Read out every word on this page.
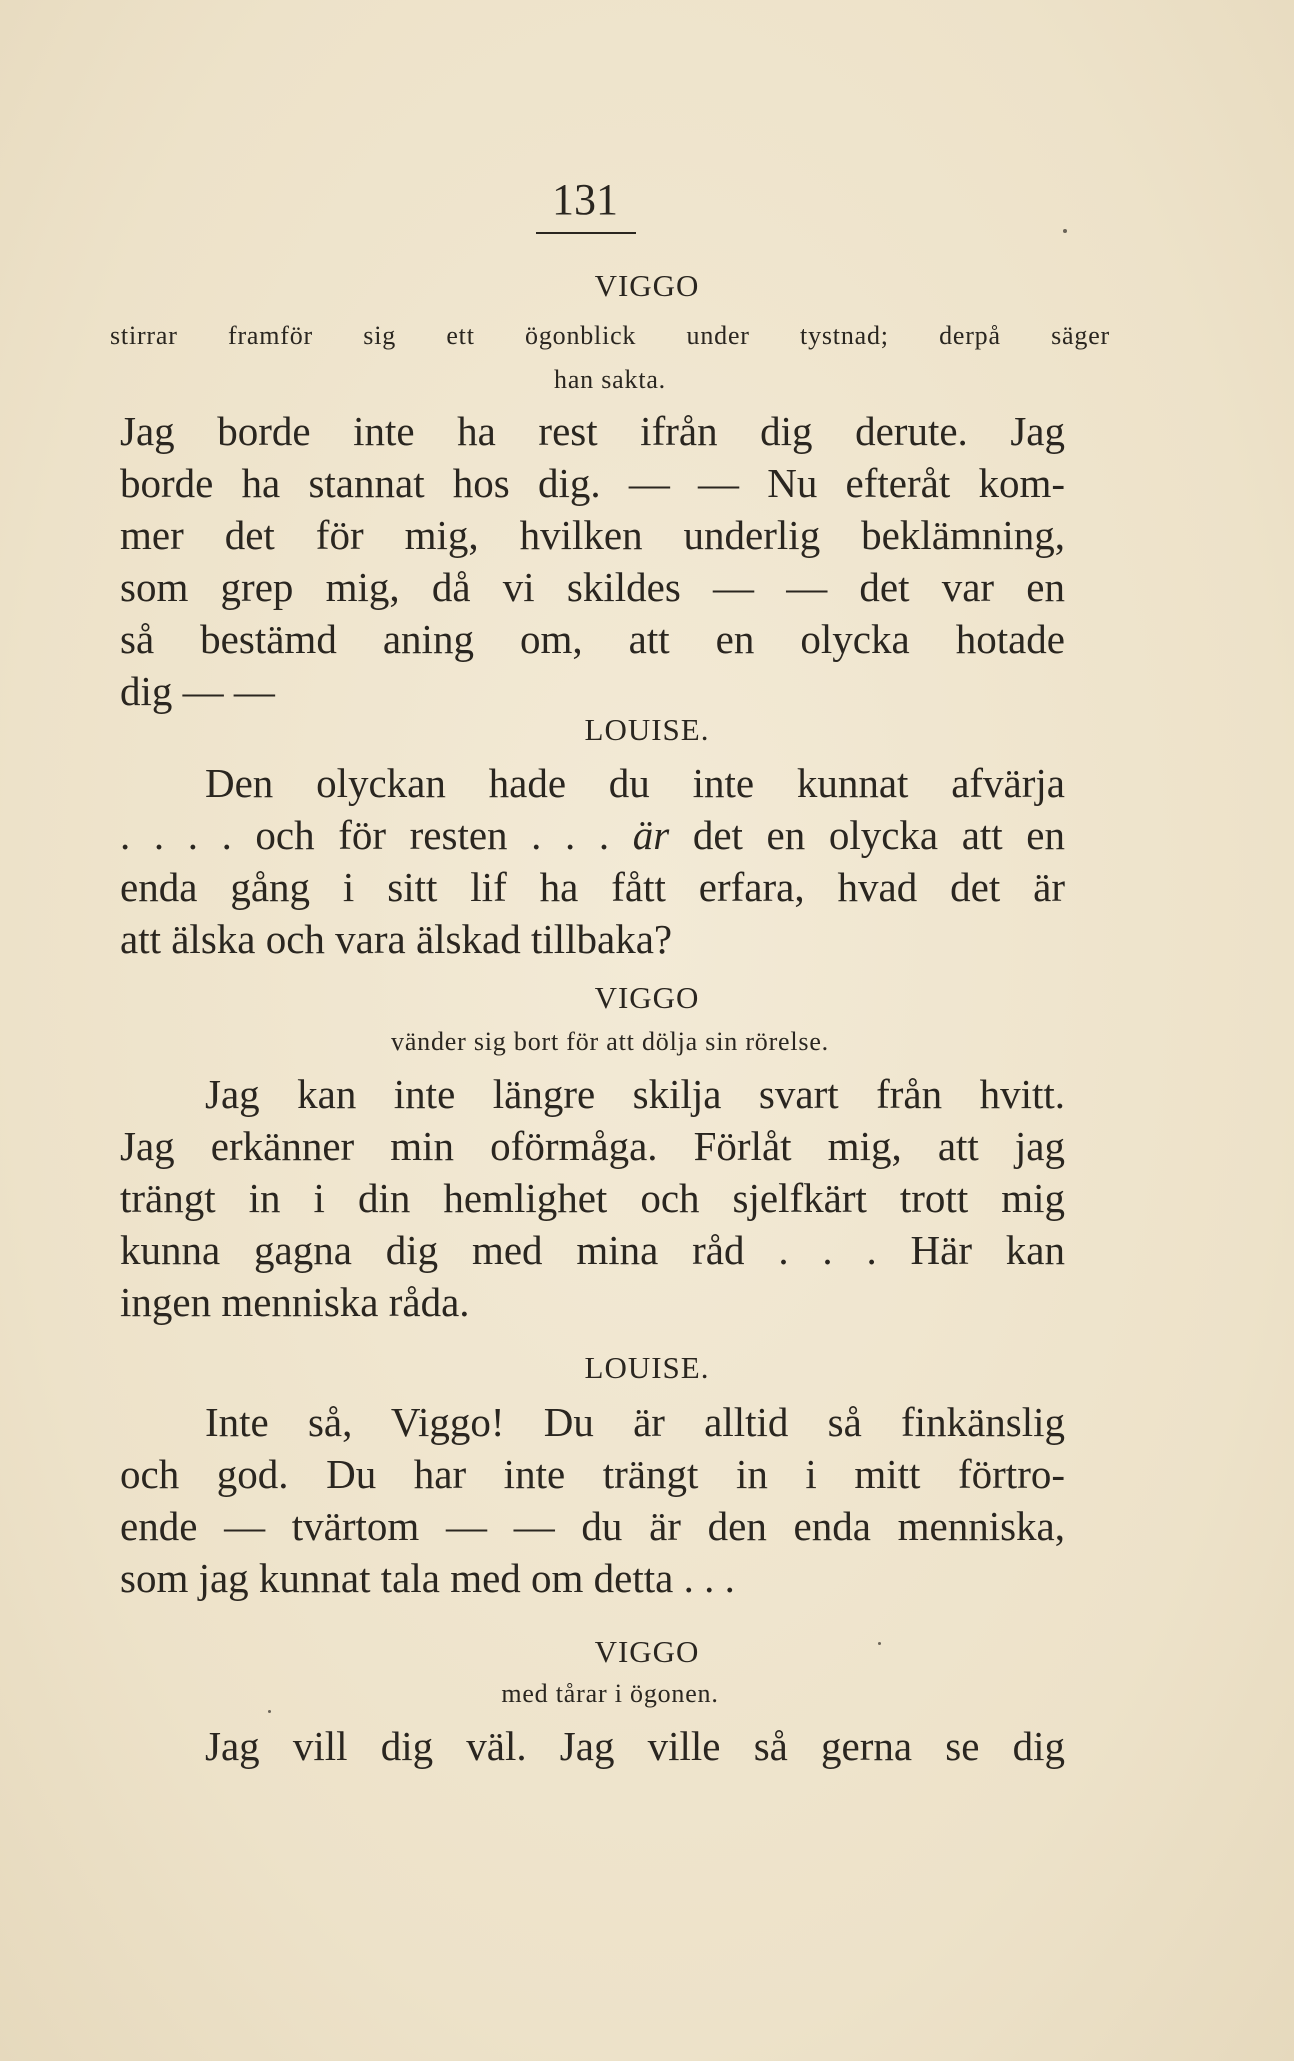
131
VIGGO
stirrar framför sig ett ögonblick under tystnad; derpå säger
han sakta.
Jag borde inte ha rest ifrån dig derute. Jag
borde ha stannat hos dig. — — Nu efteråt kom-
mer det för mig, hvilken underlig beklämning,
som grep mig, då vi skildes — — det var en
så bestämd aning om, att en olycka hotade
dig — —
LOUISE.
Den olyckan hade du inte kunnat afvärja
. . . . och för resten . . . är det en olycka att en
enda gång i sitt lif ha fått erfara, hvad det är
att älska och vara älskad tillbaka?
VIGGO
vänder sig bort för att dölja sin rörelse.
Jag kan inte längre skilja svart från hvitt.
Jag erkänner min oförmåga. Förlåt mig, att jag
trängt in i din hemlighet och sjelfkärt trott mig
kunna gagna dig med mina råd . . . Här kan
ingen menniska råda.
LOUISE.
Inte så, Viggo! Du är alltid så finkänslig
och god. Du har inte trängt in i mitt förtro-
ende — tvärtom — — du är den enda menniska,
som jag kunnat tala med om detta . . .
VIGGO
med tårar i ögonen.
Jag vill dig väl. Jag ville så gerna se dig
